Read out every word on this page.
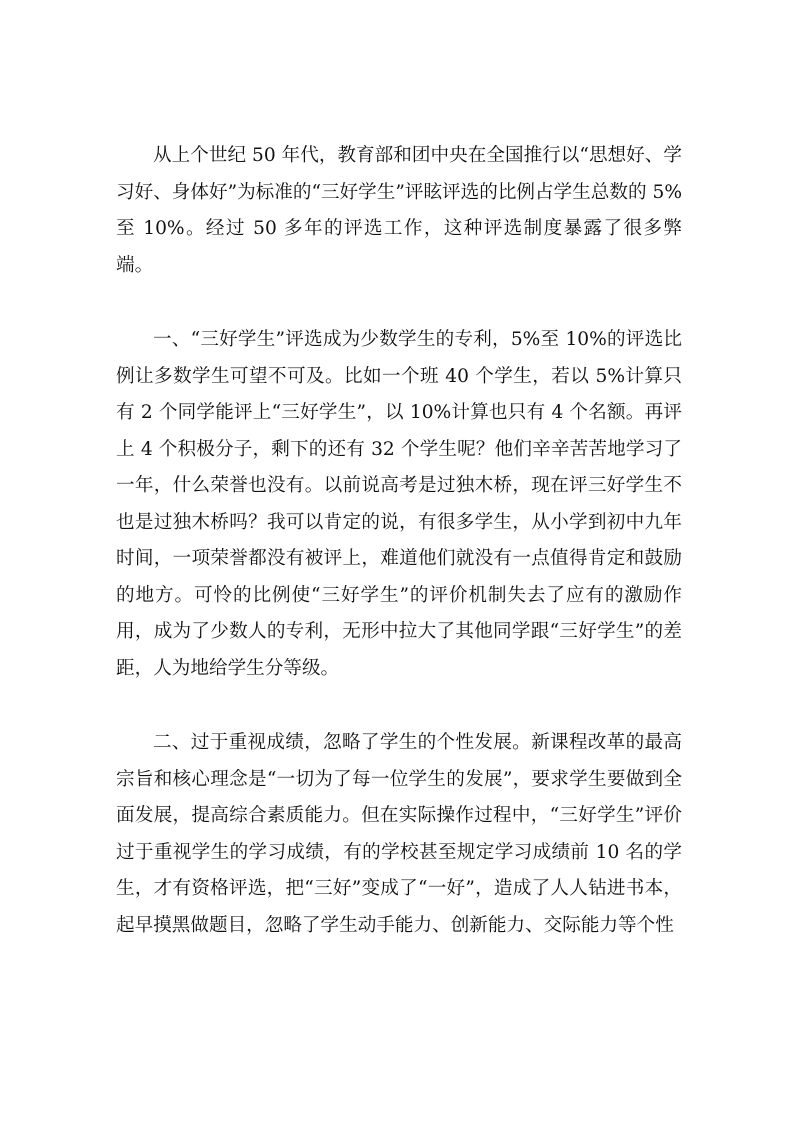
从上个世纪 50 年代，教育部和团中央在全国推行以“思想好、学习好、身体好”为标准的“三好学生”评眩评选的比例占学生总数的 5%至 10%。经过 50 多年的评选工作，这种评选制度暴露了很多弊端。

一、“三好学生”评选成为少数学生的专利，5%至 10%的评选比例让多数学生可望不可及。比如一个班 40 个学生，若以 5%计算只有 2 个同学能评上“三好学生”，以 10%计算也只有 4 个名额。再评上 4 个积极分子，剩下的还有 32 个学生呢？他们辛辛苦苦地学习了一年，什么荣誉也没有。以前说高考是过独木桥，现在评三好学生不也是过独木桥吗？我可以肯定的说，有很多学生，从小学到初中九年时间，一项荣誉都没有被评上，难道他们就没有一点值得肯定和鼓励的地方。可怜的比例使“三好学生”的评价机制失去了应有的激励作用，成为了少数人的专利，无形中拉大了其他同学跟“三好学生”的差距，人为地给学生分等级。

二、过于重视成绩，忽略了学生的个性发展。新课程改革的最高宗旨和核心理念是“一切为了每一位学生的发展”，要求学生要做到全面发展，提高综合素质能力。但在实际操作过程中，“三好学生”评价过于重视学生的学习成绩，有的学校甚至规定学习成绩前 10 名的学生，才有资格评选，把“三好”变成了“一好”，造成了人人钻进书本，起早摸黑做题目，忽略了学生动手能力、创新能力、交际能力等个性
